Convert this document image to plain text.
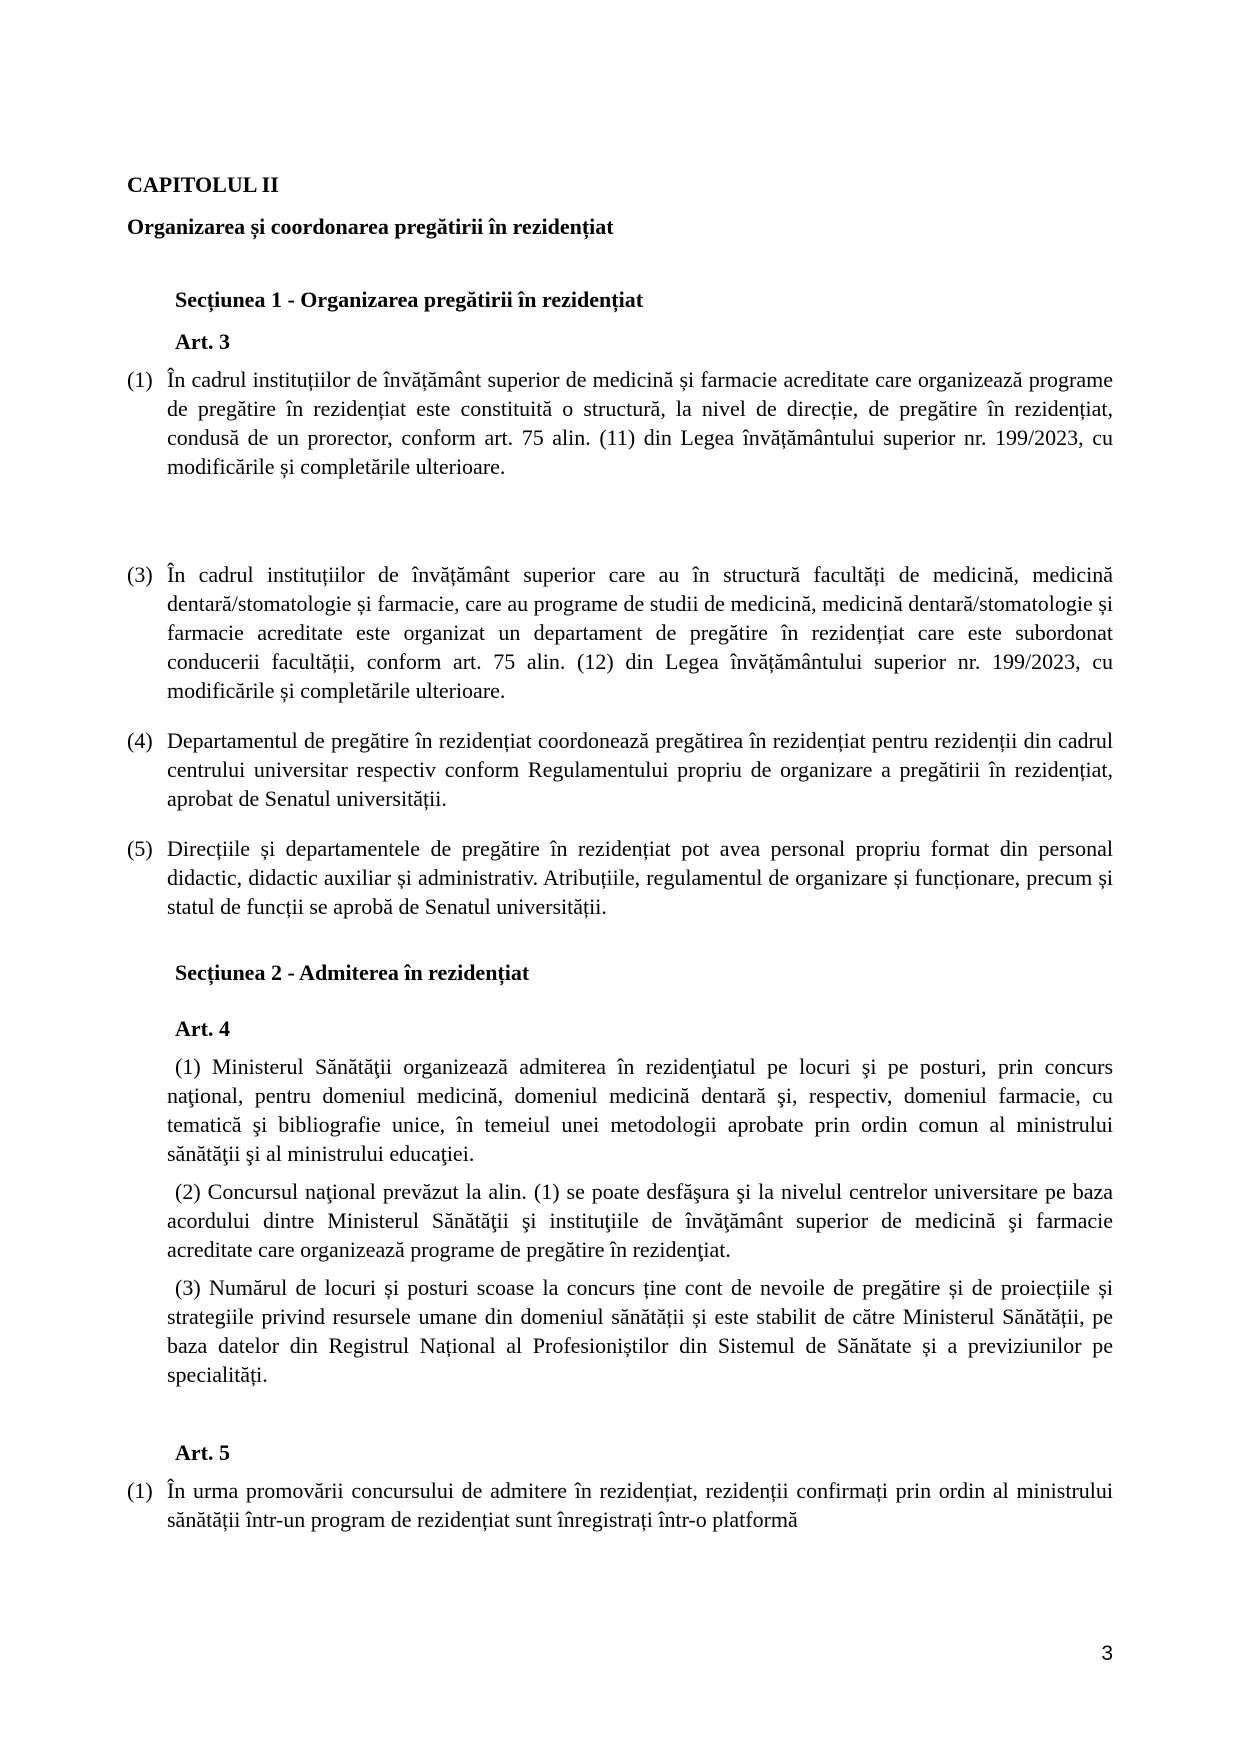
CAPITOLUL II

Organizarea și coordonarea pregătirii în rezidențiat

Secțiunea 1 - Organizarea pregătirii în rezidențiat

Art. 3

(1) În cadrul instituțiilor de învățământ superior de medicină și farmacie acreditate care organizează programe de pregătire în rezidențiat este constituită o structură, la nivel de direcție, de pregătire în rezidențiat, condusă de un prorector, conform art. 75 alin. (11) din Legea învățământului superior nr. 199/2023, cu modificările și completările ulterioare.

(3) În cadrul instituțiilor de învățământ superior care au în structură facultăți de medicină, medicină dentară/stomatologie și farmacie, care au programe de studii de medicină, medicină dentară/stomatologie și farmacie acreditate este organizat un departament de pregătire în rezidențiat care este subordonat conducerii facultății, conform art. 75 alin. (12) din Legea învățământului superior nr. 199/2023, cu modificările și completările ulterioare.

(4) Departamentul de pregătire în rezidențiat coordonează pregătirea în rezidențiat pentru rezidenții din cadrul centrului universitar respectiv conform Regulamentului propriu de organizare a pregătirii în rezidențiat, aprobat de Senatul universității.

(5) Direcțiile și departamentele de pregătire în rezidențiat pot avea personal propriu format din personal didactic, didactic auxiliar și administrativ. Atribuțiile, regulamentul de organizare și funcționare, precum și statul de funcții se aprobă de Senatul universității.

Secțiunea 2 - Admiterea în rezidențiat

Art. 4

(1) Ministerul Sănătăţii organizează admiterea în rezidenţiatul pe locuri şi pe posturi, prin concurs naţional, pentru domeniul medicină, domeniul medicină dentară şi, respectiv, domeniul farmacie, cu tematică şi bibliografie unice, în temeiul unei metodologii aprobate prin ordin comun al ministrului sănătăţii şi al ministrului educaţiei.

(2) Concursul naţional prevăzut la alin. (1) se poate desfăşura şi la nivelul centrelor universitare pe baza acordului dintre Ministerul Sănătăţii şi instituţiile de învăţământ superior de medicină şi farmacie acreditate care organizează programe de pregătire în rezidenţiat.

(3) Numărul de locuri și posturi scoase la concurs ține cont de nevoile de pregătire și de proiecțiile și strategiile privind resursele umane din domeniul sănătății și este stabilit de către Ministerul Sănătății, pe baza datelor din Registrul Național al Profesioniștilor din Sistemul de Sănătate și a previziunilor pe specialități.

Art. 5

(1) În urma promovării concursului de admitere în rezidențiat, rezidenții confirmați prin ordin al ministrului sănătății într-un program de rezidențiat sunt înregistrați într-o platformă

3
